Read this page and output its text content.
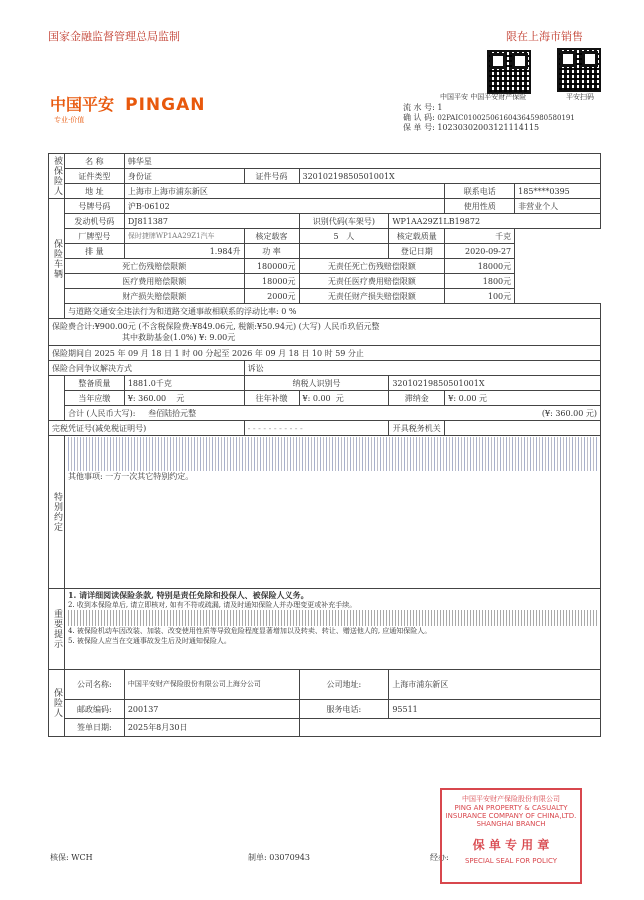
国家金融监督管理总局监制	限在上海市销售
中国平安 PINGAN
专业·价值
中国平安 中国平安财产保险	平安扫码
流 水 号: 1
确 认 码: 02PAIC0100250616043645980580191
保 单 号: 10230302003121114115
被保险人	名 称	韩华星					
	证件类型	身份证	证件号码	32010219850501001X			
	地 址	上海市上海市浦东新区				联系电话	185****0395
保险车辆	号牌号码	沪B·06102				使用性质	非营业个人
	发动机号码	DJ811387		识别代码(车架号)	WP1AA29Z1LB19872		
	厂牌型号	保时捷牌WP1AA29Z1汽车	核定载客	5 人	核定载质量	千克	
	排 量	1.984升	功 率		登记日期	2020-09-27	
	死亡伤残赔偿限额		180000元	无责任死亡伤残赔偿限额		18000元	
	医疗费用赔偿限额		18000元	无责任医疗费用赔偿限额		1800元	
	财产损失赔偿限额		2000元	无责任财产损失赔偿限额		100元	
	与道路交通安全违法行为和道路交通事故相联系的浮动比率: 0 %						

保险费合计:¥900.00元 (不含税保险费:¥849.06元, 税额:¥50.94元) (大写) 人民币玖佰元整
其中救助基金(1.0%) ¥: 9.00元							

保险期间自 2025 年 09 月 18 日 1 时 00 分起至 2026 年 09 月 18 日 10 时 59 分止							
保险合同争议解决方式			诉讼				
	整备质量	1881.0千克	纳税人识别号		32010219850501001X		
	当年应缴	¥: 360.00 元	往年补缴	¥: 0.00 元	滞纳金	¥: 0.00 元	
	合计 (人民币大写): 叁佰陆拾元整 (¥: 360.00 元)						

完税凭证号(减免税证明号)			- - - - - - - - - - -		开具税务机关		
特别约定	其他事项: 一方一次其它特别约定。						

重要提示	1. 请详细阅读保险条款, 特别是责任免除和投保人、被保险人义务。
2. 收到本保险单后, 请立即核对, 如有不符或疏漏, 请及时通知保险人并办理变更或补充手续。
4. 被保险机动车因改装、加装、改变使用性质等导致危险程度显著增加以及转卖、转让、赠送他人的, 应通知保险人。
5. 被保险人应当在交通事故发生后及时通知保险人。						

保险人	公司名称:	中国平安财产保险股份有限公司上海分公司		公司地址:	上海市浦东新区		
	邮政编码:	200137		服务电话:	95511		
	签单日期:	2025年8月30日					
核保: WCH	制单: 03070943	经办:
中国平安财产保险股份有限公司
PING AN PROPERTY & CASUALTY
INSURANCE COMPANY OF CHINA,LTD.
SHANGHAI BRANCH
保 单 专 用 章
SPECIAL SEAL FOR POLICY
